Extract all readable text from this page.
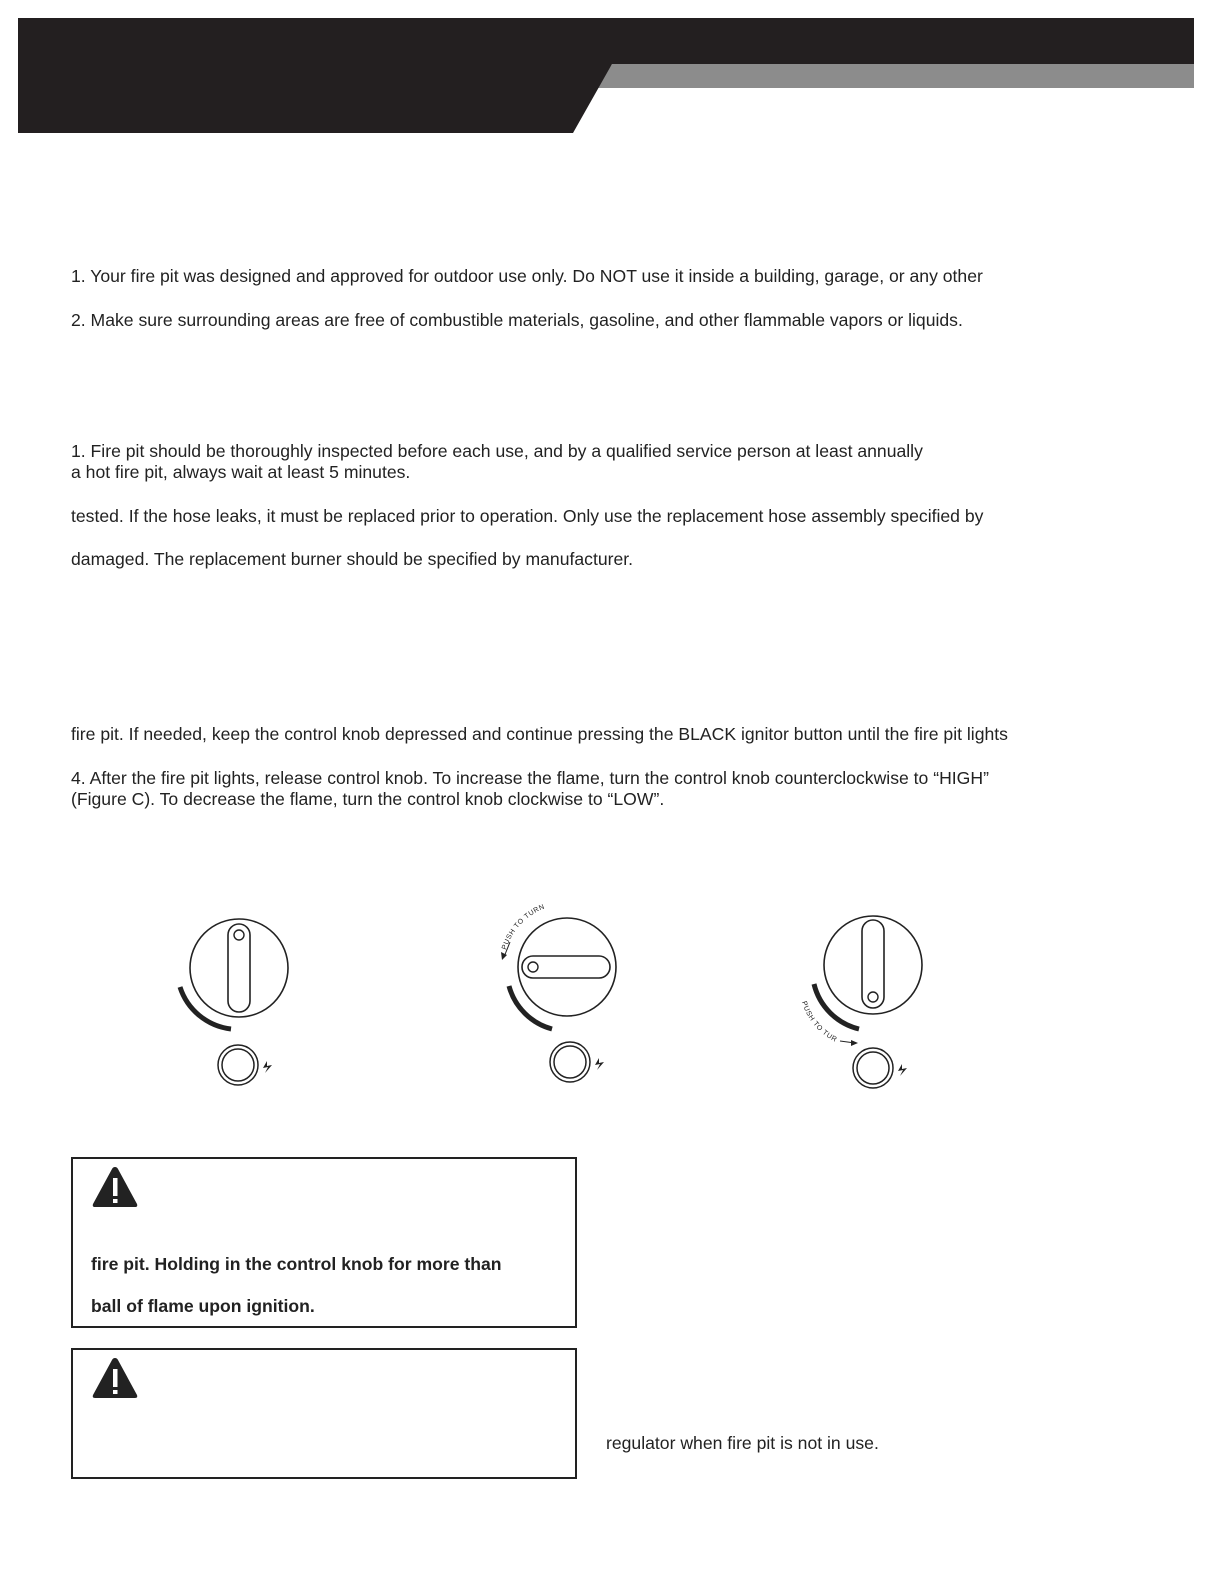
1. Your fire pit was designed and approved for outdoor use only. Do NOT use it inside a building, garage, or any other
2. Make sure surrounding areas are free of combustible materials, gasoline, and other flammable vapors or liquids.
1. Fire pit should be thoroughly inspected before each use, and by a qualified service person at least annually
a hot fire pit, always wait at least 5 minutes.
tested. If the hose leaks, it must be replaced prior to operation. Only use the replacement hose assembly specified by
damaged. The replacement burner should be specified by manufacturer.
fire pit. If needed, keep the control knob depressed and continue pressing the BLACK ignitor button until the fire pit lights
4. After the fire pit lights, release control knob. To increase the flame, turn the control knob counterclockwise to “HIGH”
(Figure C). To decrease the flame, turn the control knob clockwise to “LOW”.
PUSH TO TURN
PUSH TO TUR
fire pit. Holding in the control knob for more than
ball of flame upon ignition.
regulator when fire pit is not in use.
